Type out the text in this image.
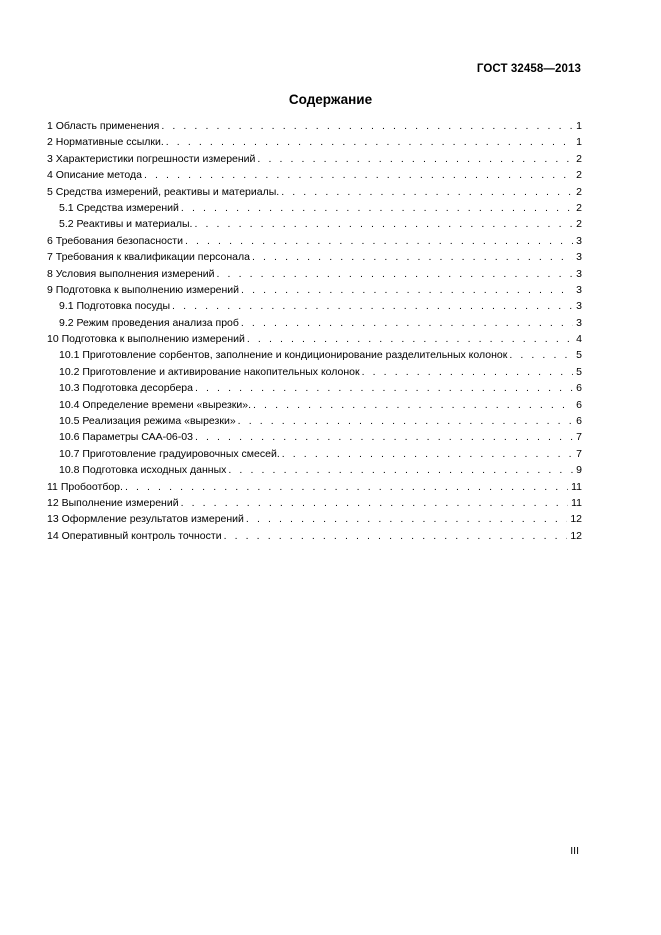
ГОСТ 32458—2013
Содержание
1 Область применения . . .	1
2 Нормативные ссылки. . . .	1
3 Характеристики погрешности измерений . . .	2
4 Описание метода . . .	2
5 Средства измерений, реактивы и материалы. . . .	2
5.1 Средства измерений . . .	2
5.2 Реактивы и материалы. . . .	2
6 Требования безопасности . . .	3
7 Требования к квалификации персонала . . .	3
8 Условия выполнения измерений . . .	3
9 Подготовка к выполнению измерений . . .	3
9.1 Подготовка посуды . . .	3
9.2 Режим проведения анализа проб . . .	3
10 Подготовка к выполнению измерений . . .	4
10.1 Приготовление сорбентов, заполнение и кондиционирование разделительных колонок . . .	5
10.2 Приготовление и активирование накопительных колонок . . .	5
10.3 Подготовка десорбера . . .	6
10.4 Определение времени «вырезки». . . .	6
10.5 Реализация режима «вырезки» . . .	6
10.6 Параметры САА-06-03 . . .	7
10.7 Приготовление градуировочных смесей. . . .	7
10.8 Подготовка исходных данных . . .	9
11 Пробоотбор. . . .	11
12 Выполнение измерений . . .	11
13 Оформление результатов измерений . . .	12
14 Оперативный контроль точности . . .	12
III
